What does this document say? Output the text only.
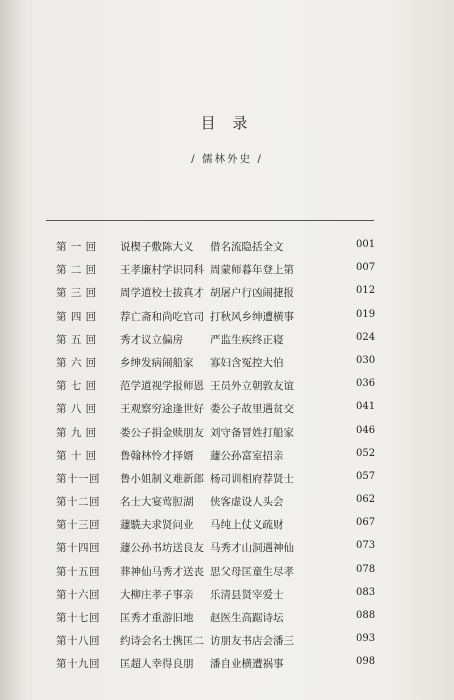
目 录
/ 儒林外史 /
第 一 回	说楔子敷陈大义 借名流隐括全文	001
第 二 回	王孝廉村学识同科 周蒙师暮年登上第	007
第 三 回	周学道校士拔真才 胡屠户行凶闹捷报	012
第 四 回	荐亡斋和尚吃官司 打秋风乡绅遭横事	019
第 五 回	秀才议立偏房	严监生疾终正寝	024
第 六 回	乡绅发病闹船家 寡妇含冤控大伯	030
第 七 回	范学道视学报师恩 王员外立朝敦友谊	036
第 八 回	王观察穷途逢世好 娄公子故里遇贫交	041
第 九 回	娄公子捐金赎朋友 刘守备冒姓打船家	046
第 十 回	鲁翰林怜才择婿 蘧公孙富室招亲	052
第十一回	鲁小姐制义难新郎 杨司训相府荐贤士	057
第十二回	名士大宴莺脰湖 侠客虚设人头会	062
第十三回	蘧駪夫求贤问业 马纯上仗义疏财	067
第十四回	蘧公孙书坊送良友 马秀才山洞遇神仙	073
第十五回	葬神仙马秀才送丧 思父母匡童生尽孝	078
第十六回	大柳庄孝子事亲 乐清县贤宰爱士	083
第十七回	匡秀才重游旧地 赵医生高踞诗坛	088
第十八回	约诗会名士携匡二 访朋友书店会潘三	093
第十九回	匡超人幸得良朋 潘自业横遭祸事	098
